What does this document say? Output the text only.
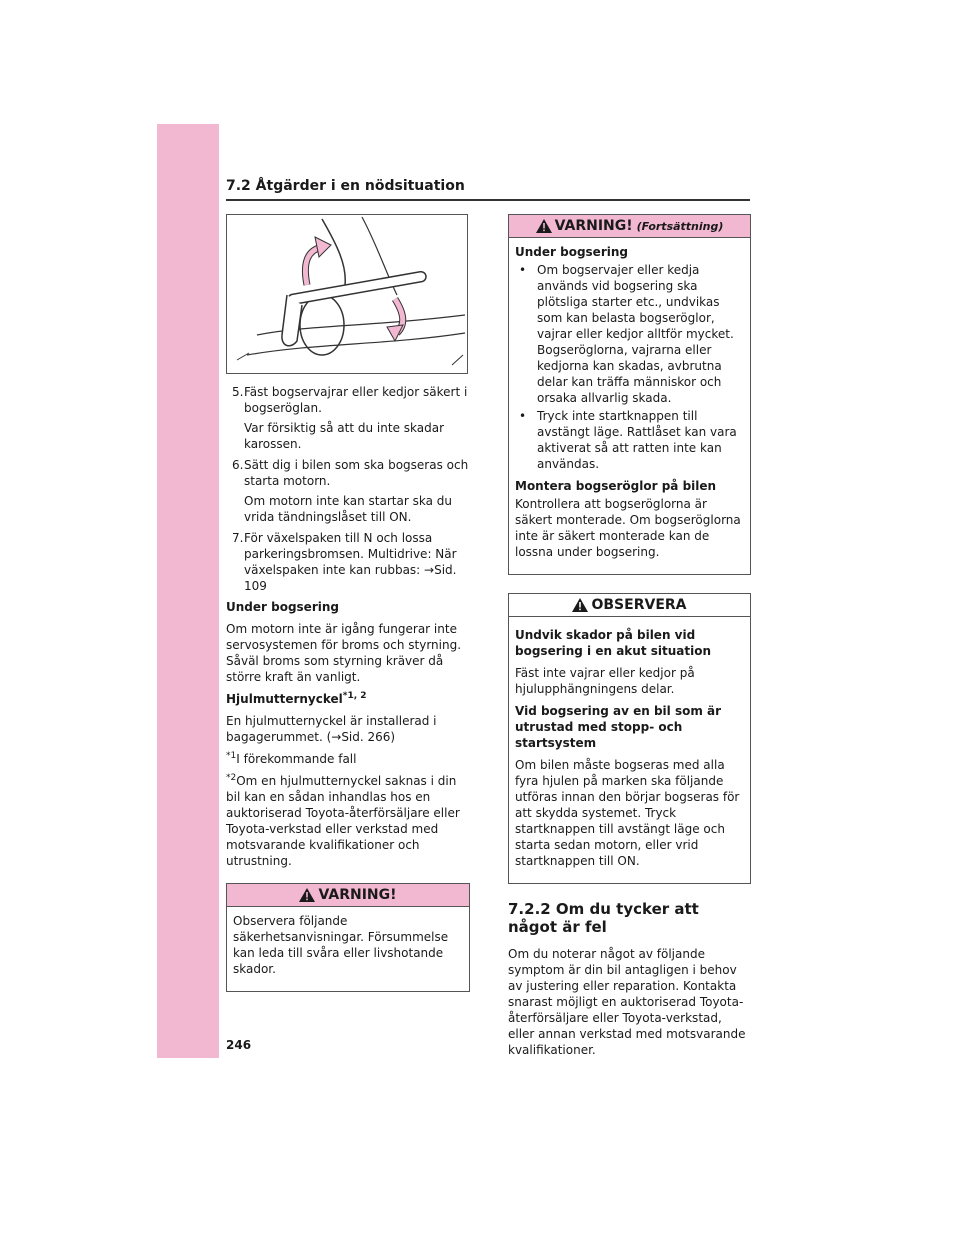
7.2 Åtgärder i en nödsituation
5. Fäst bogservajrar eller kedjor säkert i bogseröglan.

Var försiktig så att du inte skadar karossen.

6. Sätt dig i bilen som ska bogseras och starta motorn.

Om motorn inte kan startar ska du vrida tändningslåset till ON.

7. För växelspaken till N och lossa parkeringsbromsen. Multidrive: När växelspaken inte kan rubbas: →Sid. 109

Under bogsering

Om motorn inte är igång fungerar inte servosystemen för broms och styrning. Såväl broms som styrning kräver då större kraft än vanligt.

Hjulmutternyckel$^{*1, 2}$

En hjulmutternyckel är installerad i bagagerummet. (→Sid. 266)

$^{*1}$I förekommande fall

$^{*2}$Om en hjulmutternyckel saknas i din bil kan en sådan inhandlas hos en auktoriserad Toyota-återförsäljare eller Toyota-verkstad eller verkstad med motsvarande kvalifikationer och utrustning.

VARNING!

Observera följande säkerhetsanvisningar. Försummelse kan leda till svåra eller livshotande skador.

VARNING! (Fortsättning)
Under bogsering
• Om bogservajer eller kedja används vid bogsering ska plötsliga starter etc., undvikas som kan belasta bogseröglor, vajrar eller kedjor alltför mycket. Bogseröglorna, vajrarna eller kedjorna kan skadas, avbrutna delar kan träffa människor och orsaka allvarlig skada.
• Tryck inte startknappen till avstängt läge. Rattlåset kan vara aktiverat så att ratten inte kan användas.
Montera bogseröglor på bilen

Kontrollera att bogseröglorna är säkert monterade. Om bogseröglorna inte är säkert monterade kan de lossna under bogsering.

OBSERVERA
Undvik skador på bilen vid bogsering i en akut situation

Fäst inte vajrar eller kedjor på hjulupphängningens delar.

Vid bogsering av en bil som är utrustad med stopp- och startsystem

Om bilen måste bogseras med alla fyra hjulen på marken ska följande utföras innan den börjar bogseras för att skydda systemet. Tryck startknappen till avstängt läge och starta sedan motorn, eller vrid startknappen till ON.

7.2.2 Om du tycker att något är fel

Om du noterar något av följande symptom är din bil antagligen i behov av justering eller reparation. Kontakta snarast möjligt en auktoriserad Toyota-återförsäljare eller Toyota-verkstad, eller annan verkstad med motsvarande kvalifikationer.

246
